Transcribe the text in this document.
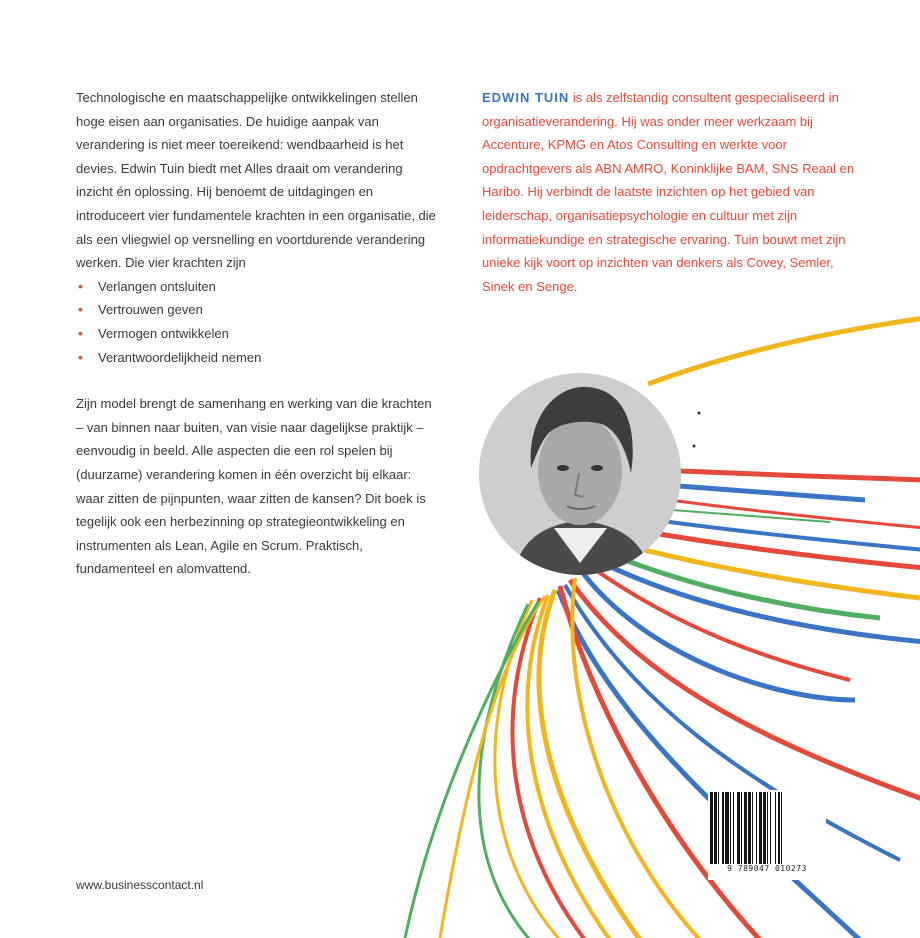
Technologische en maatschappelijke ontwikkelingen stellen hoge eisen aan organisaties. De huidige aanpak van verandering is niet meer toereikend: wendbaarheid is het devies. Edwin Tuin biedt met Alles draait om verandering inzicht én oplossing. Hij benoemt de uitdagingen en introduceert vier fundamentele krachten in een organisatie, die als een vliegwiel op versnelling en voortdurende verandering werken. Die vier krachten zijn

• Verlangen ontsluiten
• Vertrouwen geven
• Vermogen ontwikkelen
• Verantwoordelijkheid nemen

Zijn model brengt de samenhang en werking van die krachten – van binnen naar buiten, van visie naar dagelijkse praktijk – eenvoudig in beeld. Alle aspecten die een rol spelen bij (duurzame) verandering komen in één overzicht bij elkaar: waar zitten de pijnpunten, waar zitten de kansen? Dit boek is tegelijk ook een herbezinning op strategieontwikkeling en instrumenten als Lean, Agile en Scrum. Praktisch, fundamenteel en alomvattend.

EDWIN TUIN is als zelfstandig consultent gespecialiseerd in organisatieverandering. Hij was onder meer werkzaam bij Accenture, KPMG en Atos Consulting en werkte voor opdrachtgevers als ABN AMRO, Koninklijke BAM, SNS Reaal en Haribo. Hij verbindt de laatste inzichten op het gebied van leiderschap, organisatiepsychologie en cultuur met zijn informatiekundige en strategische ervaring. Tuin bouwt met zijn unieke kijk voort op inzichten van denkers als Covey, Semler, Sinek en Senge.
9 789047 010273
www.businesscontact.nl
